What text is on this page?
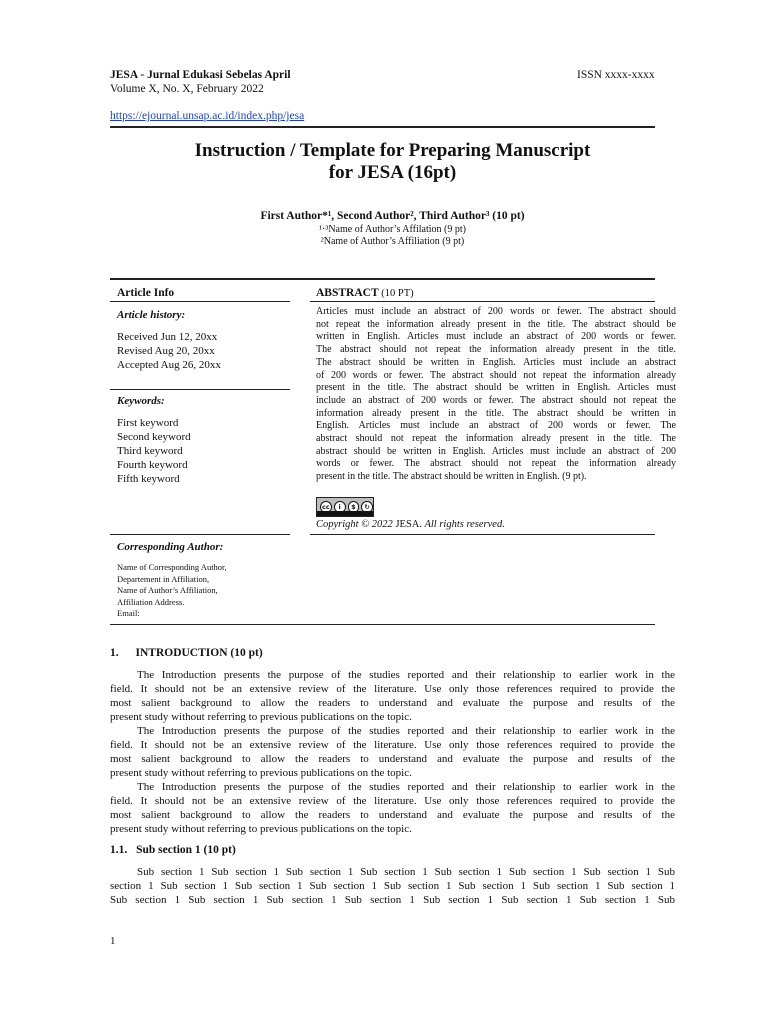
JESA - Jurnal Edukasi Sebelas April	ISSN xxxx-xxxx
Volume X, No. X, February 2022
https://ejournal.unsap.ac.id/index.php/jesa
Instruction / Template for Preparing Manuscript
for JESA (16pt)
First Author*¹, Second Author², Third Author³ (10 pt)
¹·³Name of Author’s Affilation (9 pt)
²Name of Author’s Affiliation (9 pt)
Article Info
Article history:
Received Jun 12, 20xx
Revised Aug 20, 20xx
Accepted Aug 26, 20xx
Keywords:
First keyword
Second keyword
Third keyword
Fourth keyword
Fifth keyword
Corresponding Author:
Name of Corresponding Author,
Departement in Affiliation,
Name of Author’s Affiliation,
Affiliation Address.
Email:
ABSTRACT (10 PT)
Articles must include an abstract of 200 words or fewer. The abstract should
not repeat the information already present in the title. The abstract should be
written in English. Articles must include an abstract of 200 words or fewer.
The abstract should not repeat the information already present in the title.
The abstract should be written in English. Articles must include an abstract
of 200 words or fewer. The abstract should not repeat the information already
present in the title. The abstract should be written in English. Articles must
include an abstract of 200 words or fewer. The abstract should not repeat the
information already present in the title. The abstract should be written in
English. Articles must include an abstract of 200 words or fewer. The
abstract should not repeat the information already present in the title. The
abstract should be written in English. Articles must include an abstract of 200
words or fewer. The abstract should not repeat the information already
present in the title. The abstract should be written in English. (9 pt).
cc	i	$	↻
Copyright © 2022 JESA. All rights reserved.
1. INTRODUCTION (10 pt)
The Introduction presents the purpose of the studies reported and their relationship to earlier work in the
field. It should not be an extensive review of the literature. Use only those references required to provide the
most salient background to allow the readers to understand and evaluate the purpose and results of the
present study without referring to previous publications on the topic.
The Introduction presents the purpose of the studies reported and their relationship to earlier work in the
field. It should not be an extensive review of the literature. Use only those references required to provide the
most salient background to allow the readers to understand and evaluate the purpose and results of the
present study without referring to previous publications on the topic.
The Introduction presents the purpose of the studies reported and their relationship to earlier work in the
field. It should not be an extensive review of the literature. Use only those references required to provide the
most salient background to allow the readers to understand and evaluate the purpose and results of the
present study without referring to previous publications on the topic.
1.1. Sub section 1 (10 pt)
Sub section 1 Sub section 1 Sub section 1 Sub section 1 Sub section 1 Sub section 1 Sub section 1 Sub
section 1 Sub section 1 Sub section 1 Sub section 1 Sub section 1 Sub section 1 Sub section 1 Sub section 1
Sub section 1 Sub section 1 Sub section 1 Sub section 1 Sub section 1 Sub section 1 Sub section 1 Sub
1
